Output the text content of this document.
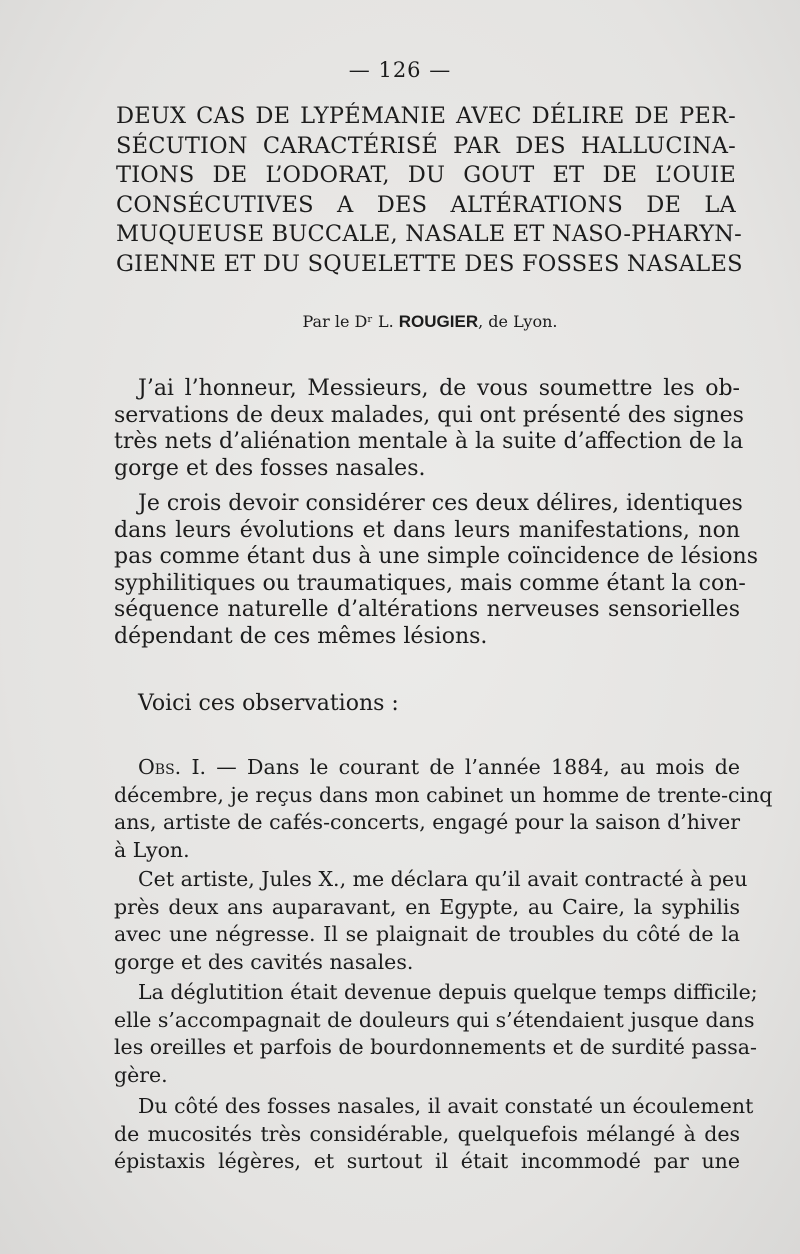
— 126 —
DEUX CAS DE LYPÉMANIE AVEC DÉLIRE DE PER-
SÉCUTION CARACTÉRISÉ PAR DES HALLUCINA-
TIONS DE L’ODORAT, DU GOUT ET DE L’OUIE
CONSÉCUTIVES A DES ALTÉRATIONS DE LA
MUQUEUSE BUCCALE, NASALE ET NASO-PHARYN-
GIENNE ET DU SQUELETTE DES FOSSES NASALES
Par le Dʳ L. ROUGIER, de Lyon.
J’ai l’honneur, Messieurs, de vous soumettre les ob-
servations de deux malades, qui ont présenté des signes
très nets d’aliénation mentale à la suite d’affection de la
gorge et des fosses nasales.
Je crois devoir considérer ces deux délires, identiques
dans leurs évolutions et dans leurs manifestations, non
pas comme étant dus à une simple coïncidence de lésions
syphilitiques ou traumatiques, mais comme étant la con-
séquence naturelle d’altérations nerveuses sensorielles
dépendant de ces mêmes lésions.
Voici ces observations :
Obs. I. — Dans le courant de l’année 1884, au mois de
décembre, je reçus dans mon cabinet un homme de trente-cinq
ans, artiste de cafés-concerts, engagé pour la saison d’hiver
à Lyon.
Cet artiste, Jules X., me déclara qu’il avait contracté à peu
près deux ans auparavant, en Egypte, au Caire, la syphilis
avec une négresse. Il se plaignait de troubles du côté de la
gorge et des cavités nasales.
La déglutition était devenue depuis quelque temps difficile;
elle s’accompagnait de douleurs qui s’étendaient jusque dans
les oreilles et parfois de bourdonnements et de surdité passa-
gère.
Du côté des fosses nasales, il avait constaté un écoulement
de mucosités très considérable, quelquefois mélangé à des
épistaxis légères, et surtout il était incommodé par une
